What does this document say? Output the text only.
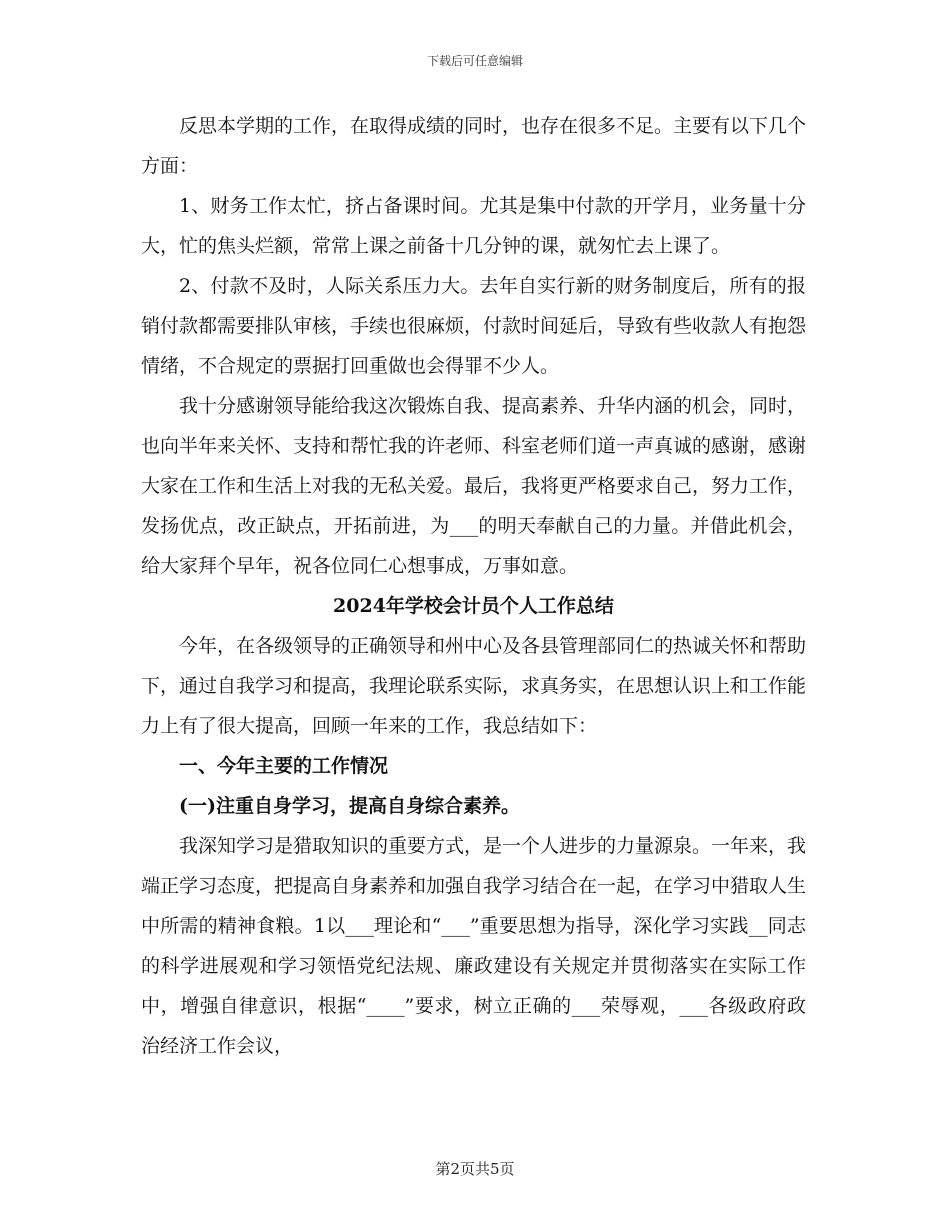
下载后可任意编辑

反思本学期的工作，在取得成绩的同时，也存在很多不足。主要有以下几个方面：

1、财务工作太忙，挤占备课时间。尤其是集中付款的开学月，业务量十分大，忙的焦头烂额，常常上课之前备十几分钟的课，就匆忙去上课了。

2、付款不及时，人际关系压力大。去年自实行新的财务制度后，所有的报销付款都需要排队审核，手续也很麻烦，付款时间延后，导致有些收款人有抱怨情绪，不合规定的票据打回重做也会得罪不少人。

我十分感谢领导能给我这次锻炼自我、提高素养、升华内涵的机会，同时，也向半年来关怀、支持和帮忙我的许老师、科室老师们道一声真诚的感谢，感谢大家在工作和生活上对我的无私关爱。最后，我将更严格要求自己，努力工作，发扬优点，改正缺点，开拓前进，为___的明天奉献自己的力量。并借此机会，给大家拜个早年，祝各位同仁心想事成，万事如意。

2024年学校会计员个人工作总结

今年，在各级领导的正确领导和州中心及各县管理部同仁的热诚关怀和帮助下，通过自我学习和提高，我理论联系实际，求真务实，在思想认识上和工作能力上有了很大提高，回顾一年来的工作，我总结如下：

一、今年主要的工作情况
(一)注重自身学习，提高自身综合素养。

我深知学习是猎取知识的重要方式，是一个人进步的力量源泉。一年来，我端正学习态度，把提高自身素养和加强自我学习结合在一起，在学习中猎取人生中所需的精神食粮。1以___理论和“___”重要思想为指导，深化学习实践__同志的科学进展观和学习领悟党纪法规、廉政建设有关规定并贯彻落实在实际工作中，增强自律意识，根据“____”要求，树立正确的___荣辱观，___各级政府政治经济工作会议，

第2页共5页
